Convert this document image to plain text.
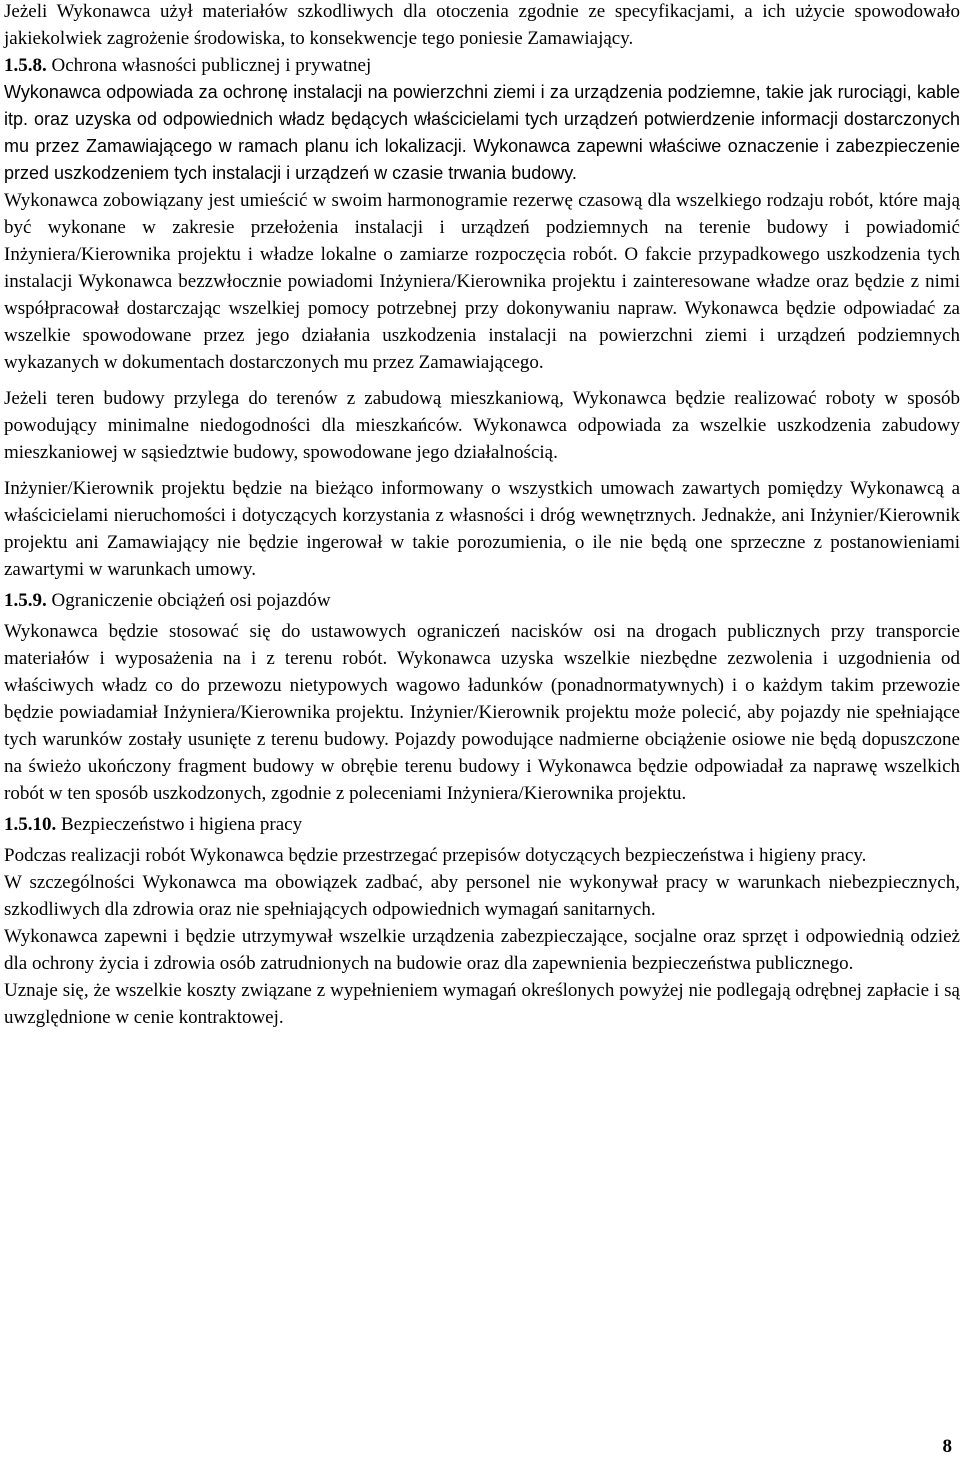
Jeżeli Wykonawca użył materiałów szkodliwych dla otoczenia zgodnie ze specyfikacjami, a ich użycie spowodowało jakiekolwiek zagrożenie środowiska, to konsekwencje tego poniesie Zamawiający.

1.5.8. Ochrona własności publicznej i prywatnej

Wykonawca odpowiada za ochronę instalacji na powierzchni ziemi i za urządzenia podziemne, takie jak rurociągi, kable itp. oraz uzyska od odpowiednich władz będących właścicielami tych urządzeń potwierdzenie informacji dostarczonych mu przez Zamawiającego w ramach planu ich lokalizacji. Wykonawca zapewni właściwe oznaczenie i zabezpieczenie przed uszkodzeniem tych instalacji i urządzeń w czasie trwania budowy.

Wykonawca zobowiązany jest umieścić w swoim harmonogramie rezerwę czasową dla wszelkiego rodzaju robót, które mają być wykonane w zakresie przełożenia instalacji i urządzeń podziemnych na terenie budowy i powiadomić Inżyniera/Kierownika projektu i władze lokalne o zamiarze rozpoczęcia robót. O fakcie przypadkowego uszkodzenia tych instalacji Wykonawca bezzwłocznie powiadomi Inżyniera/Kierownika projektu i zainteresowane władze oraz będzie z nimi współpracował dostarczając wszelkiej pomocy potrzebnej przy dokonywaniu napraw. Wykonawca będzie odpowiadać za wszelkie spowodowane przez jego działania uszkodzenia instalacji na powierzchni ziemi i urządzeń podziemnych wykazanych w dokumentach dostarczonych mu przez Zamawiającego.

Jeżeli teren budowy przylega do terenów z zabudową mieszkaniową, Wykonawca będzie realizować roboty w sposób powodujący minimalne niedogodności dla mieszkańców. Wykonawca odpowiada za wszelkie uszkodzenia zabudowy mieszkaniowej w sąsiedztwie budowy, spowodowane jego działalnością.

Inżynier/Kierownik projektu będzie na bieżąco informowany o wszystkich umowach zawartych pomiędzy Wykonawcą a właścicielami nieruchomości i dotyczących korzystania z własności i dróg wewnętrznych. Jednakże, ani Inżynier/Kierownik projektu ani Zamawiający nie będzie ingerował w takie porozumienia, o ile nie będą one sprzeczne z postanowieniami zawartymi w warunkach umowy.

1.5.9. Ograniczenie obciążeń osi pojazdów

Wykonawca będzie stosować się do ustawowych ograniczeń nacisków osi na drogach publicznych przy transporcie materiałów i wyposażenia na i z terenu robót. Wykonawca uzyska wszelkie niezbędne zezwolenia i uzgodnienia od właściwych władz co do przewozu nietypowych wagowo ładunków (ponadnormatywnych) i o każdym takim przewozie będzie powiadamiał Inżyniera/Kierownika projektu. Inżynier/Kierownik projektu może polecić, aby pojazdy nie spełniające tych warunków zostały usunięte z terenu budowy. Pojazdy powodujące nadmierne obciążenie osiowe nie będą dopuszczone na świeżo ukończony fragment budowy w obrębie terenu budowy i Wykonawca będzie odpowiadał za naprawę wszelkich robót w ten sposób uszkodzonych, zgodnie z poleceniami Inżyniera/Kierownika projektu.

1.5.10. Bezpieczeństwo i higiena pracy

Podczas realizacji robót Wykonawca będzie przestrzegać przepisów dotyczących bezpieczeństwa i higieny pracy.

W szczególności Wykonawca ma obowiązek zadbać, aby personel nie wykonywał pracy w warunkach niebezpiecznych, szkodliwych dla zdrowia oraz nie spełniających odpowiednich wymagań sanitarnych.

Wykonawca zapewni i będzie utrzymywał wszelkie urządzenia zabezpieczające, socjalne oraz sprzęt i odpowiednią odzież dla ochrony życia i zdrowia osób zatrudnionych na budowie oraz dla zapewnienia bezpieczeństwa publicznego.

Uznaje się, że wszelkie koszty związane z wypełnieniem wymagań określonych powyżej nie podlegają odrębnej zapłacie i są uwzględnione w cenie kontraktowej.

8
